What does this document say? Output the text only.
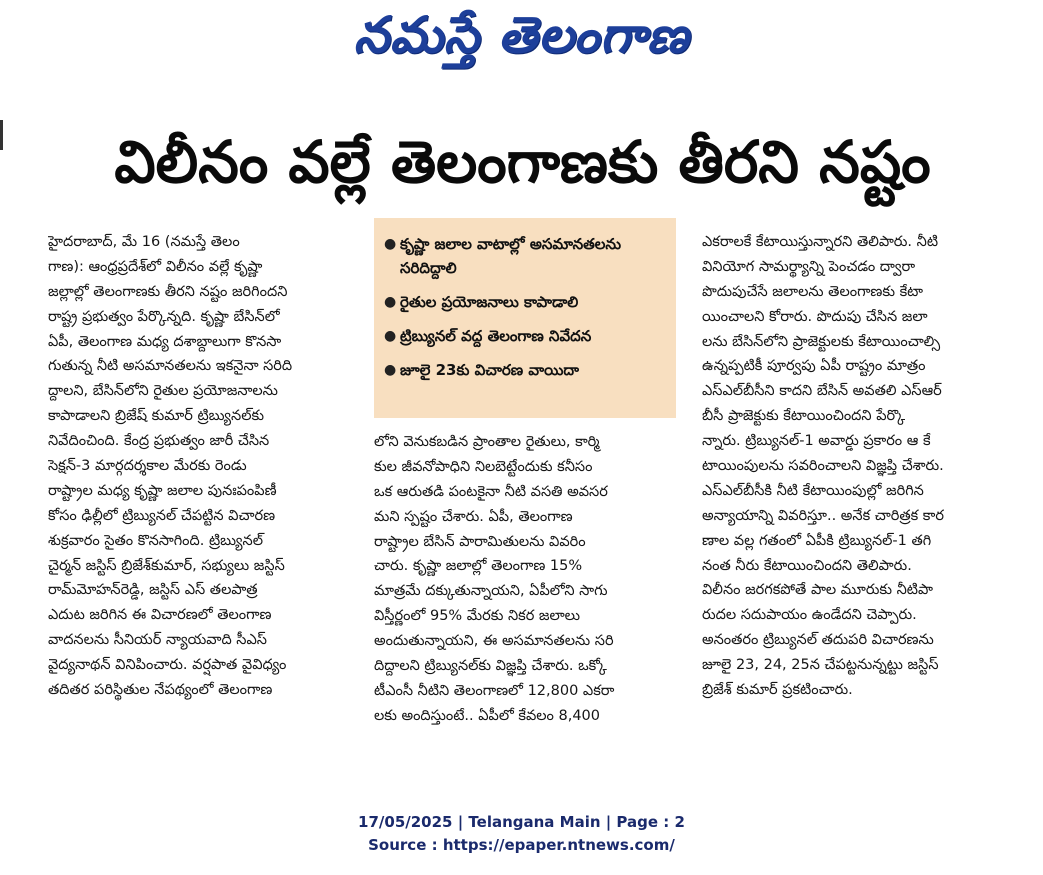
నమస్తే తెలంగాణ
విలీనం వల్లే తెలంగాణకు తీరని నష్టం
హైదరాబాద్, మే 16 (నమస్తే తెలం
గాణ): ఆంధ్రప్రదేశ్‌లో విలీనం వల్లే కృష్ణా
జల్లాల్లో తెలంగాణకు తీరని నష్టం జరిగిందని
రాష్ట్ర ప్రభుత్వం పేర్కొన్నది. కృష్ణా బేసిన్‌లో
ఏపీ, తెలంగాణ మధ్య దశాబ్దాలుగా కొనసా
గుతున్న నీటి అసమానతలను ఇకనైనా సరిది
ద్దాలని, బేసిన్‌లోని రైతుల ప్రయోజనాలను
కాపాడాలని బ్రిజేష్ కుమార్ ట్రిబ్యునల్‌కు
నివేదించింది. కేంద్ర ప్రభుత్వం జారీ చేసిన
సెక్షన్-3 మార్గదర్శకాల మేరకు రెండు
రాష్ట్రాల మధ్య కృష్ణా జలాల పునఃపంపిణీ
కోసం ఢిల్లీలో ట్రిబ్యునల్ చేపట్టిన విచారణ
శుక్రవారం సైతం కొనసాగింది. ట్రిబ్యునల్
చైర్మన్ జస్టిస్ బ్రిజేశ్‌కుమార్, సభ్యులు జస్టిస్
రామ్‌మోహన్‌రెడ్డి, జస్టిస్ ఎస్ తలపాత్ర
ఎదుట జరిగిన ఈ విచారణలో తెలంగాణ
వాదనలను సీనియర్ న్యాయవాది సీఎస్
వైద్యనాథన్ వినిపించారు. వర్షపాత వైవిధ్యం
తదితర పరిస్థితుల నేపథ్యంలో తెలంగాణ
● కృష్ణా జలాల వాటాల్లో అసమానతలను సరిదిద్దాలి
● రైతుల ప్రయోజనాలు కాపాడాలి
● ట్రిబ్యునల్ వద్ద తెలంగాణ నివేదన
● జూలై 23కు విచారణ వాయిదా
లోని వెనుకబడిన ప్రాంతాల రైతులు, కార్మి
కుల జీవనోపాధిని నిలబెట్టేందుకు కనీసం
ఒక ఆరుతడి పంటకైనా నీటి వసతి అవసర
మని స్పష్టం చేశారు. ఏపీ, తెలంగాణ
రాష్ట్రాల బేసిన్ పారామితులను వివరిం
చారు. కృష్ణా జలాల్లో తెలంగాణ 15%
మాత్రమే దక్కుతున్నాయని, ఏపీలోని సాగు
విస్తీర్ణంలో 95% మేరకు నికర జలాలు
అందుతున్నాయని, ఈ అసమానతలను సరి
దిద్దాలని ట్రిబ్యునల్‌కు విజ్ఞప్తి చేశారు. ఒక్కో
టీఎంసీ నీటిని తెలంగాణలో 12,800 ఎకరా
లకు అందిస్తుంటే.. ఏపీలో కేవలం 8,400
ఎకరాలకే కేటాయిస్తున్నారని తెలిపారు. నీటి
వినియోగ సామర్థ్యాన్ని పెంచడం ద్వారా
పొదుపుచేసే జలాలను తెలంగాణకు కేటా
యించాలని కోరారు. పొదుపు చేసిన జలా
లను బేసిన్‌లోని ప్రాజెక్టులకు కేటాయించాల్సి
ఉన్నప్పటికీ పూర్వపు ఏపీ రాష్ట్రం మాత్రం
ఎస్‌ఎల్‌బీసీని కాదని బేసిన్ అవతలి ఎస్‌ఆర్
బీసీ ప్రాజెక్టుకు కేటాయించిందని పేర్కొ
న్నారు. ట్రిబ్యునల్-1 అవార్డు ప్రకారం ఆ కే
టాయింపులను సవరించాలని విజ్ఞప్తి చేశారు.
ఎస్‌ఎల్‌బీసీకి నీటి కేటాయింపుల్లో జరిగిన
అన్యాయాన్ని వివరిస్తూ.. అనేక చారిత్రక కార
ణాల వల్ల గతంలో ఏపీకి ట్రిబ్యునల్-1 తగి
నంత నీరు కేటాయించిందని తెలిపారు.
విలీనం జరగకపోతే పాల మూరుకు నీటిపా
రుదల సదుపాయం ఉండేదని చెప్పారు.
అనంతరం ట్రిబ్యునల్ తదుపరి విచారణను
జూలై 23, 24, 25న చేపట్టనున్నట్టు జస్టిస్
బ్రిజేశ్ కుమార్ ప్రకటించారు.
17/05/2025 | Telangana Main | Page : 2
Source : https://epaper.ntnews.com/
